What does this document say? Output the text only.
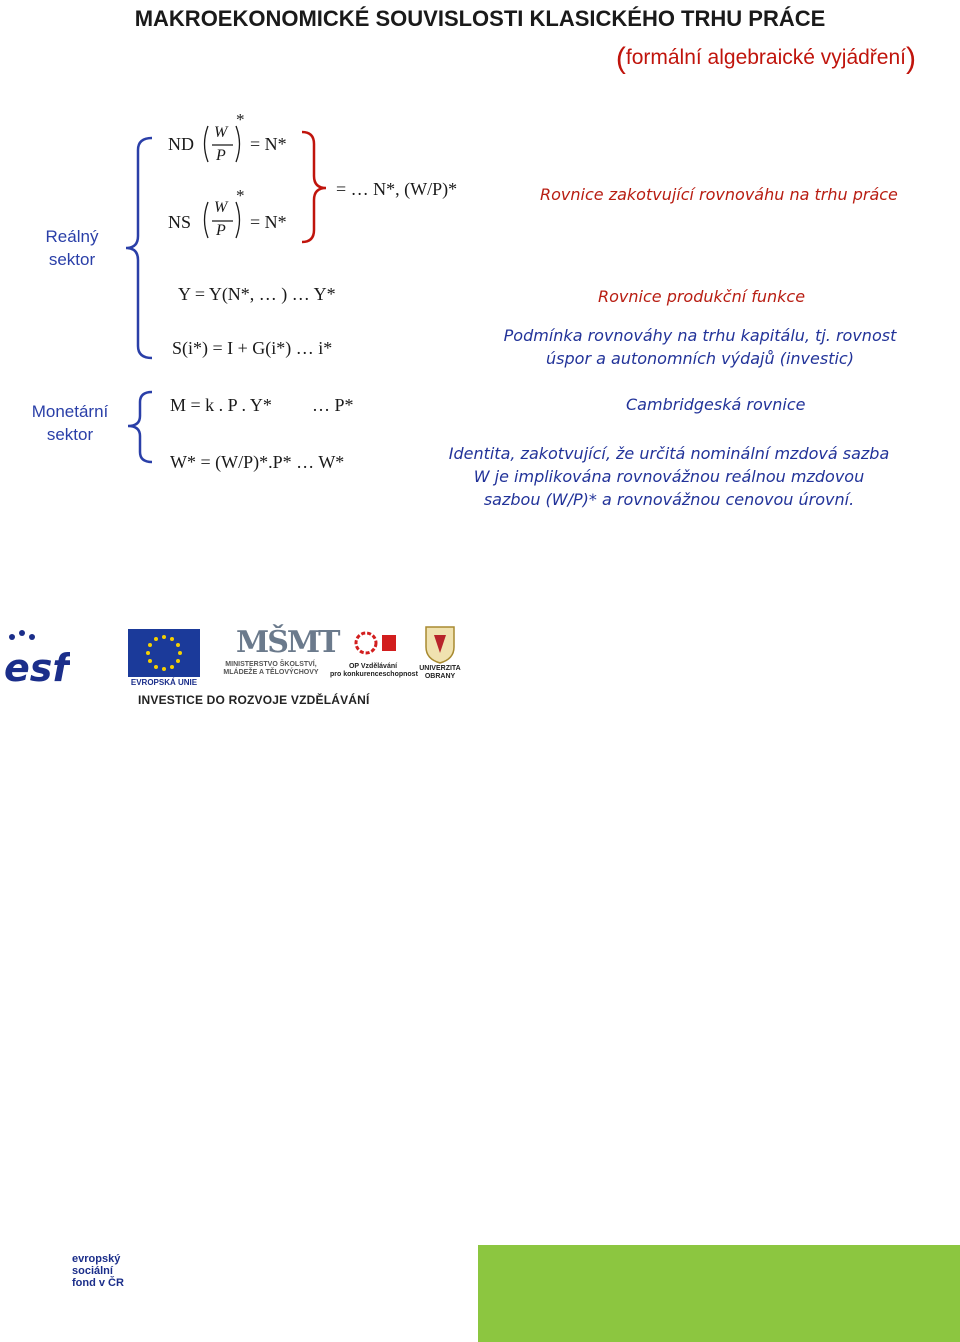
MAKROEKONOMICKÉ SOUVISLOSTI KLASICKÉHO TRHU PRÁCE
(formální algebraické vyjádření)
Reálný
sektor
Monetární
sektor
ND
W
P
*
= N*
NS
W
P
*
= N*
= … N*, (W/P)*	Rovnice zakotvující rovnováhu na trhu práce
Y = Y(N*, … ) … Y*	Rovnice produkční funkce
S(i*) = I + G(i*) … i*
Podmínka rovnováhy na trhu kapitálu, tj. rovnost
úspor a autonomních výdajů (investic)
M = k . P . Y* … P*	Cambridgeská rovnice
W* = (W/P)*.P* … W*	Identita, zakotvující, že určitá nominální mzdová sazba
W je implikována rovnovážnou reálnou mzdovou
sazbou (W/P)* a rovnovážnou cenovou úrovní.
esf
evropský
sociální
fond v ČR
EVROPSKÁ UNIE
MŠMT
MINISTERSTVO ŠKOLSTVÍ,
MLÁDEŽE A TĚLOVÝCHOVY
OP Vzdělávání
pro konkurenceschopnost
UNIVERZITA
OBRANY
INVESTICE DO ROZVOJE VZDĚLÁVÁNÍ
